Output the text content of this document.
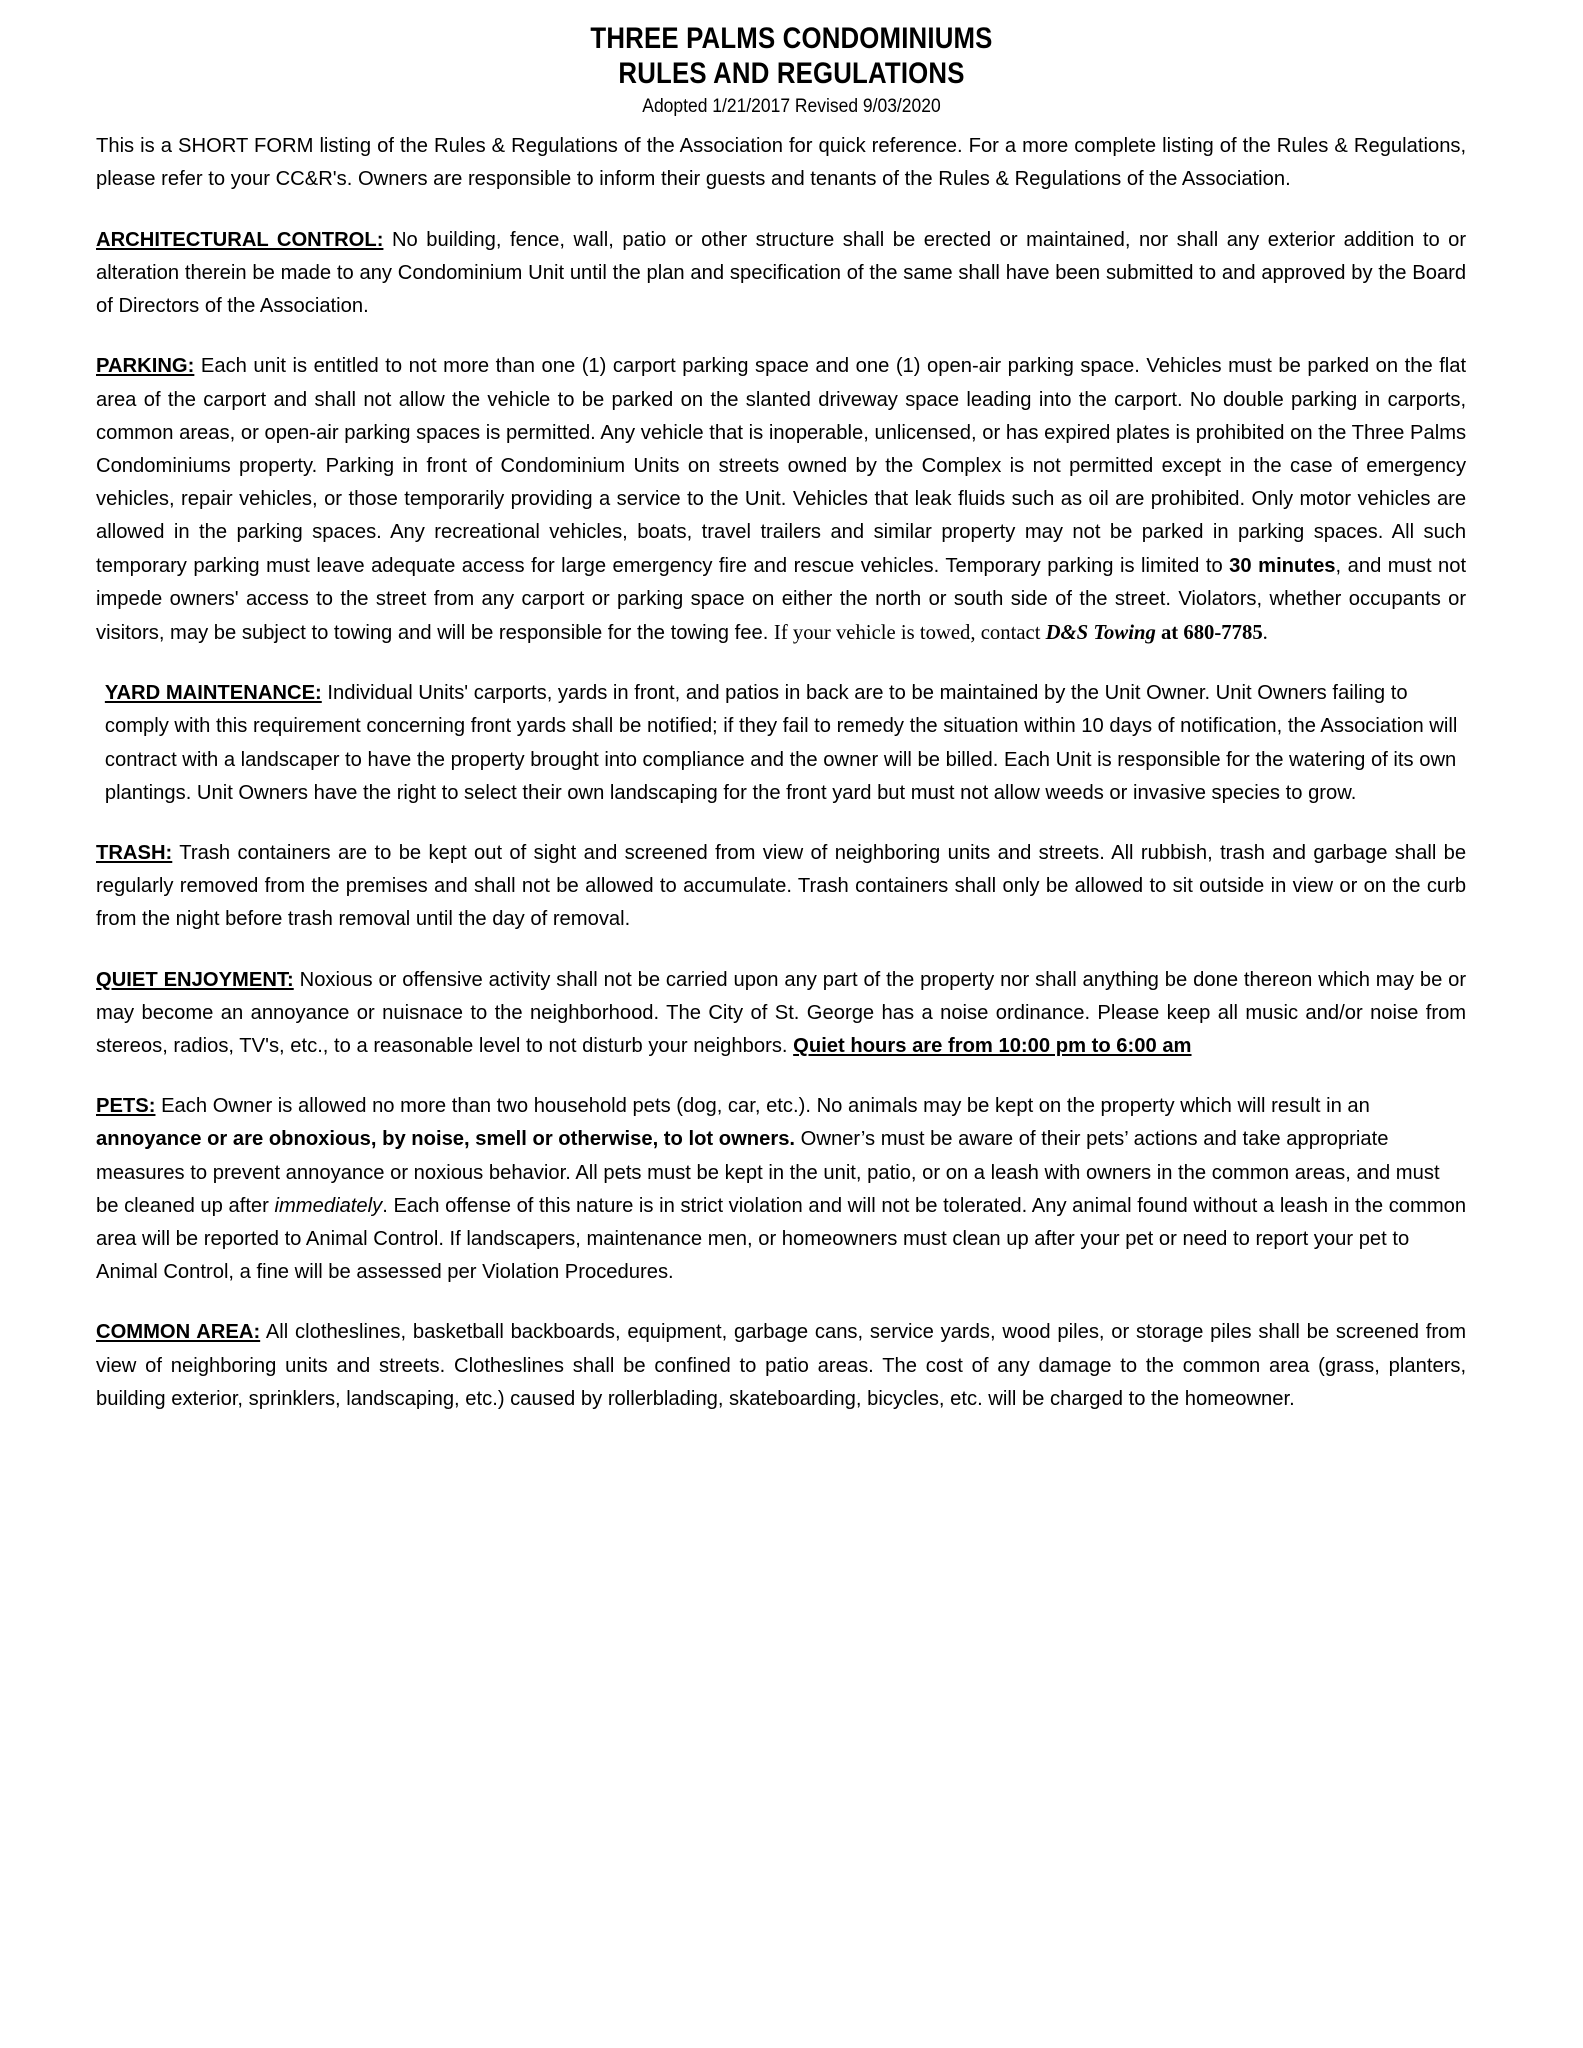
THREE PALMS CONDOMINIUMS
RULES AND REGULATIONS
Adopted 1/21/2017 Revised 9/03/2020

This is a SHORT FORM listing of the Rules & Regulations of the Association for quick reference. For a more complete listing of the Rules & Regulations, please refer to your CC&R's. Owners are responsible to inform their guests and tenants of the Rules & Regulations of the Association.

ARCHITECTURAL CONTROL: No building, fence, wall, patio or other structure shall be erected or maintained, nor shall any exterior addition to or alteration therein be made to any Condominium Unit until the plan and specification of the same shall have been submitted to and approved by the Board of Directors of the Association.

PARKING: Each unit is entitled to not more than one (1) carport parking space and one (1) open-air parking space. Vehicles must be parked on the flat area of the carport and shall not allow the vehicle to be parked on the slanted driveway space leading into the carport. No double parking in carports, common areas, or open-air parking spaces is permitted. Any vehicle that is inoperable, unlicensed, or has expired plates is prohibited on the Three Palms Condominiums property. Parking in front of Condominium Units on streets owned by the Complex is not permitted except in the case of emergency vehicles, repair vehicles, or those temporarily providing a service to the Unit. Vehicles that leak fluids such as oil are prohibited. Only motor vehicles are allowed in the parking spaces. Any recreational vehicles, boats, travel trailers and similar property may not be parked in parking spaces. All such temporary parking must leave adequate access for large emergency fire and rescue vehicles. Temporary parking is limited to 30 minutes, and must not impede owners' access to the street from any carport or parking space on either the north or south side of the street. Violators, whether occupants or visitors, may be subject to towing and will be responsible for the towing fee. If your vehicle is towed, contact D&S Towing at 680-7785.

YARD MAINTENANCE: Individual Units' carports, yards in front, and patios in back are to be maintained by the Unit Owner. Unit Owners failing to comply with this requirement concerning front yards shall be notified; if they fail to remedy the situation within 10 days of notification, the Association will contract with a landscaper to have the property brought into compliance and the owner will be billed. Each Unit is responsible for the watering of its own plantings. Unit Owners have the right to select their own landscaping for the front yard but must not allow weeds or invasive species to grow.

TRASH: Trash containers are to be kept out of sight and screened from view of neighboring units and streets. All rubbish, trash and garbage shall be regularly removed from the premises and shall not be allowed to accumulate. Trash containers shall only be allowed to sit outside in view or on the curb from the night before trash removal until the day of removal.

QUIET ENJOYMENT: Noxious or offensive activity shall not be carried upon any part of the property nor shall anything be done thereon which may be or may become an annoyance or nuisnace to the neighborhood. The City of St. George has a noise ordinance. Please keep all music and/or noise from stereos, radios, TV's, etc., to a reasonable level to not disturb your neighbors. Quiet hours are from 10:00 pm to 6:00 am

PETS: Each Owner is allowed no more than two household pets (dog, car, etc.). No animals may be kept on the property which will result in an annoyance or are obnoxious, by noise, smell or otherwise, to lot owners. Owner’s must be aware of their pets’ actions and take appropriate measures to prevent annoyance or noxious behavior. All pets must be kept in the unit, patio, or on a leash with owners in the common areas, and must be cleaned up after immediately. Each offense of this nature is in strict violation and will not be tolerated. Any animal found without a leash in the common area will be reported to Animal Control. If landscapers, maintenance men, or homeowners must clean up after your pet or need to report your pet to Animal Control, a fine will be assessed per Violation Procedures.

COMMON AREA: All clotheslines, basketball backboards, equipment, garbage cans, service yards, wood piles, or storage piles shall be screened from view of neighboring units and streets. Clotheslines shall be confined to patio areas. The cost of any damage to the common area (grass, planters, building exterior, sprinklers, landscaping, etc.) caused by rollerblading, skateboarding, bicycles, etc. will be charged to the homeowner.
